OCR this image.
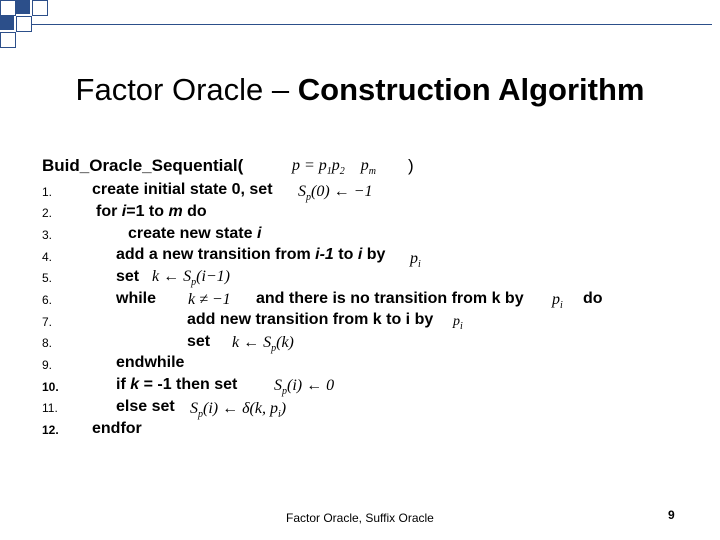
Factor Oracle – Construction Algorithm
Buid_Oracle_Sequential(	$p = p_1p_2$    $p_m$ )
1.
2.
3.
4.
5.
6.
7.
8.
9.
10.
11.
12.
create initial state 0, set $S_p(0)$ ← −1
for i=1 to m do
create new state i
add a new transition from i-1 to i by $p_i$
set k ← $S_p(i-1)$
while k ≠ −1 and there is no transition from k by $p_i$ do
add new transition from k to i by $p_i$
set k ← $S_p(k)$
endwhile
if k = -1 then set $S_p(i)$ ← 0
else set $S_p(i)$ ← δ(k, $p_i$)
endfor
Factor Oracle, Suffix Oracle	9
